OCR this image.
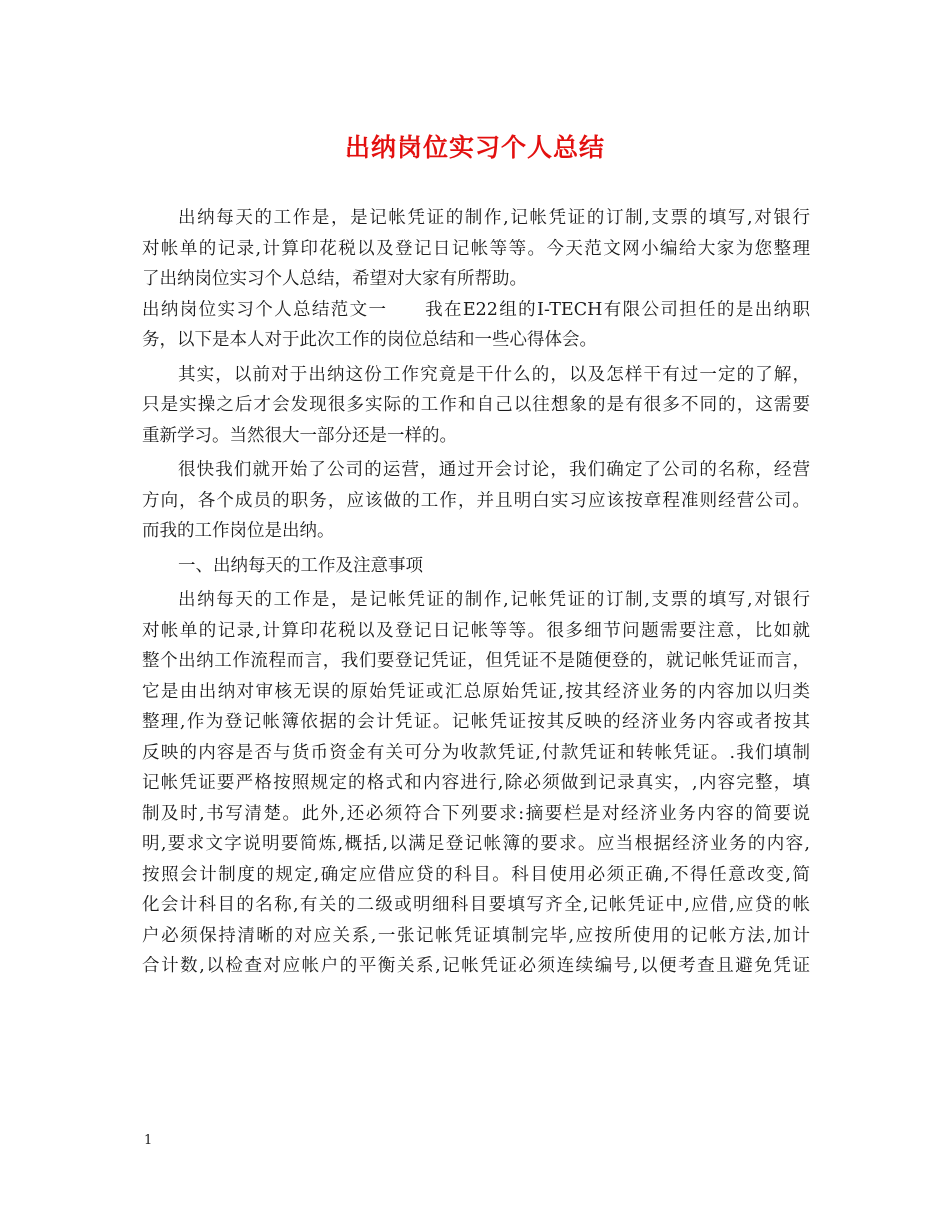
出纳岗位实习个人总结
出纳每天的工作是，是记帐凭证的制作,记帐凭证的订制,支票的填写,对银行
对帐单的记录,计算印花税以及登记日记帐等等。今天范文网小编给大家为您整理
了出纳岗位实习个人总结，希望对大家有所帮助。
出纳岗位实习个人总结范文一　　我在E22组的I-TECH有限公司担任的是出纳职
务，以下是本人对于此次工作的岗位总结和一些心得体会。
其实，以前对于出纳这份工作究竟是干什么的，以及怎样干有过一定的了解，
只是实操之后才会发现很多实际的工作和自己以往想象的是有很多不同的，这需要
重新学习。当然很大一部分还是一样的。
很快我们就开始了公司的运营，通过开会讨论，我们确定了公司的名称，经营
方向，各个成员的职务，应该做的工作，并且明白实习应该按章程准则经营公司。
而我的工作岗位是出纳。
一、出纳每天的工作及注意事项
出纳每天的工作是，是记帐凭证的制作,记帐凭证的订制,支票的填写,对银行
对帐单的记录,计算印花税以及登记日记帐等等。很多细节问题需要注意，比如就
整个出纳工作流程而言，我们要登记凭证，但凭证不是随便登的，就记帐凭证而言，
它是由出纳对审核无误的原始凭证或汇总原始凭证,按其经济业务的内容加以归类
整理,作为登记帐簿依据的会计凭证。记帐凭证按其反映的经济业务内容或者按其
反映的内容是否与货币资金有关可分为收款凭证,付款凭证和转帐凭证。.我们填制
记帐凭证要严格按照规定的格式和内容进行,除必须做到记录真实，,内容完整，填
制及时,书写清楚。此外,还必须符合下列要求:摘要栏是对经济业务内容的简要说
明,要求文字说明要简炼,概括,以满足登记帐簿的要求。应当根据经济业务的内容,
按照会计制度的规定,确定应借应贷的科目。科目使用必须正确,不得任意改变,简
化会计科目的名称,有关的二级或明细科目要填写齐全,记帐凭证中,应借,应贷的帐
户必须保持清晰的对应关系,一张记帐凭证填制完毕,应按所使用的记帐方法,加计
合计数,以检查对应帐户的平衡关系,记帐凭证必须连续编号,以便考查且避免凭证
1
